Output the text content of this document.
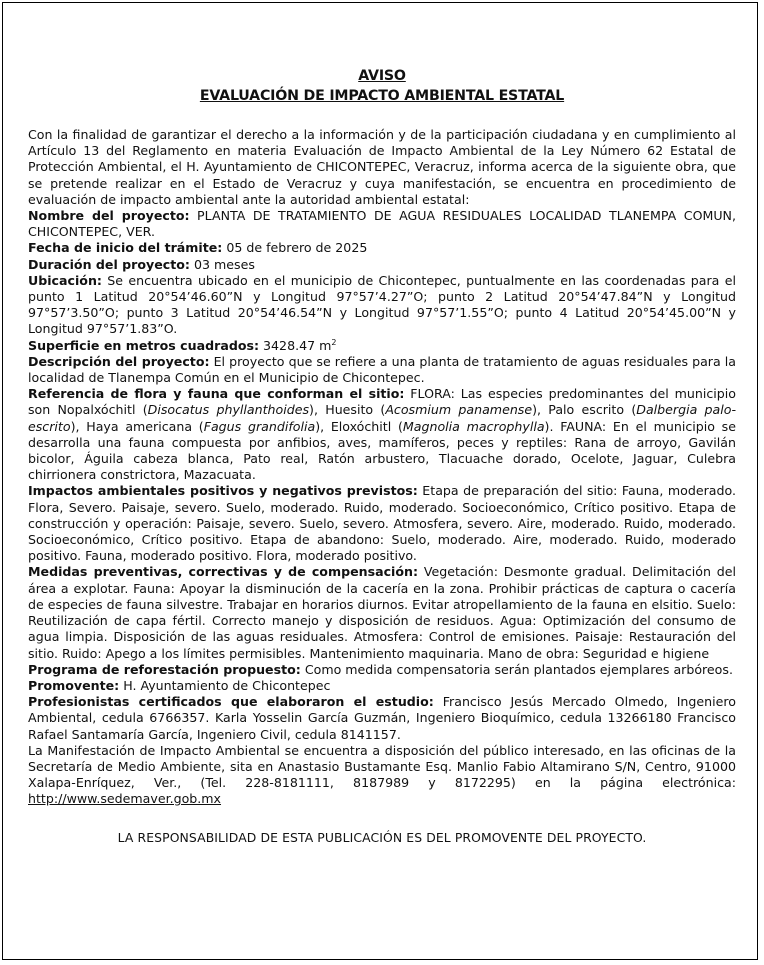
AVISO
EVALUACIÓN DE IMPACTO AMBIENTAL ESTATAL

Con la finalidad de garantizar el derecho a la información y de la participación ciudadana y en cumplimiento al Artículo 13 del Reglamento en materia Evaluación de Impacto Ambiental de la Ley Número 62 Estatal de Protección Ambiental, el H. Ayuntamiento de CHICONTEPEC, Veracruz, informa acerca de la siguiente obra, que se pretende realizar en el Estado de Veracruz y cuya manifestación, se encuentra en procedimiento de evaluación de impacto ambiental ante la autoridad ambiental estatal:

Nombre del proyecto: PLANTA DE TRATAMIENTO DE AGUA RESIDUALES LOCALIDAD TLANEMPA COMUN, CHICONTEPEC, VER.

Fecha de inicio del trámite: 05 de febrero de 2025

Duración del proyecto: 03 meses

Ubicación: Se encuentra ubicado en el municipio de Chicontepec, puntualmente en las coordenadas para el punto 1 Latitud 20°54’46.60”N y Longitud 97°57’4.27”O; punto 2 Latitud 20°54’47.84”N y Longitud 97°57’3.50”O; punto 3 Latitud 20°54’46.54”N y Longitud 97°57’1.55”O; punto 4 Latitud 20°54’45.00”N y Longitud 97°57’1.83”O.

Superficie en metros cuadrados: 3428.47 $m^2$

Descripción del proyecto: El proyecto que se refiere a una planta de tratamiento de aguas residuales para la localidad de Tlanempa Común en el Municipio de Chicontepec.

Referencia de flora y fauna que conforman el sitio: FLORA: Las especies predominantes del municipio son Nopalxóchitl (Disocatus phyllanthoides), Huesito (Acosmium panamense), Palo escrito (Dalbergia palo-escrito), Haya americana (Fagus grandifolia), Eloxóchitl (Magnolia macrophylla). FAUNA: En el municipio se desarrolla una fauna compuesta por anfibios, aves, mamíferos, peces y reptiles: Rana de arroyo, Gavilán bicolor, Águila cabeza blanca, Pato real, Ratón arbustero, Tlacuache dorado, Ocelote, Jaguar, Culebra chirrionera constrictora, Mazacuata.

Impactos ambientales positivos y negativos previstos: Etapa de preparación del sitio: Fauna, moderado. Flora, Severo. Paisaje, severo. Suelo, moderado. Ruido, moderado. Socioeconómico, Crítico positivo. Etapa de construcción y operación: Paisaje, severo. Suelo, severo. Atmosfera, severo. Aire, moderado. Ruido, moderado. Socioeconómico, Crítico positivo. Etapa de abandono: Suelo, moderado. Aire, moderado. Ruido, moderado positivo. Fauna, moderado positivo. Flora, moderado positivo.

Medidas preventivas, correctivas y de compensación: Vegetación: Desmonte gradual. Delimitación del área a explotar. Fauna: Apoyar la disminución de la cacería en la zona. Prohibir prácticas de captura o cacería de especies de fauna silvestre. Trabajar en horarios diurnos. Evitar atropellamiento de la fauna en elsitio. Suelo: Reutilización de capa fértil. Correcto manejo y disposición de residuos. Agua: Optimización del consumo de agua limpia. Disposición de las aguas residuales. Atmosfera: Control de emisiones. Paisaje: Restauración del sitio. Ruido: Apego a los límites permisibles. Mantenimiento maquinaria. Mano de obra: Seguridad e higiene

Programa de reforestación propuesto: Como medida compensatoria serán plantados ejemplares arbóreos.

Promovente: H. Ayuntamiento de Chicontepec

Profesionistas certificados que elaboraron el estudio: Francisco Jesús Mercado Olmedo, Ingeniero Ambiental, cedula 6766357. Karla Yosselin García Guzmán, Ingeniero Bioquímico, cedula 13266180 Francisco Rafael Santamaría García, Ingeniero Civil, cedula 8141157.

La Manifestación de Impacto Ambiental se encuentra a disposición del público interesado, en las oficinas de la Secretaría de Medio Ambiente, sita en Anastasio Bustamante Esq. Manlio Fabio Altamirano S/N, Centro, 91000 Xalapa-Enríquez, Ver., (Tel. 228-8181111, 8187989 y 8172295) en la página electrónica: http://www.sedemaver.gob.mx

LA RESPONSABILIDAD DE ESTA PUBLICACIÓN ES DEL PROMOVENTE DEL PROYECTO.
